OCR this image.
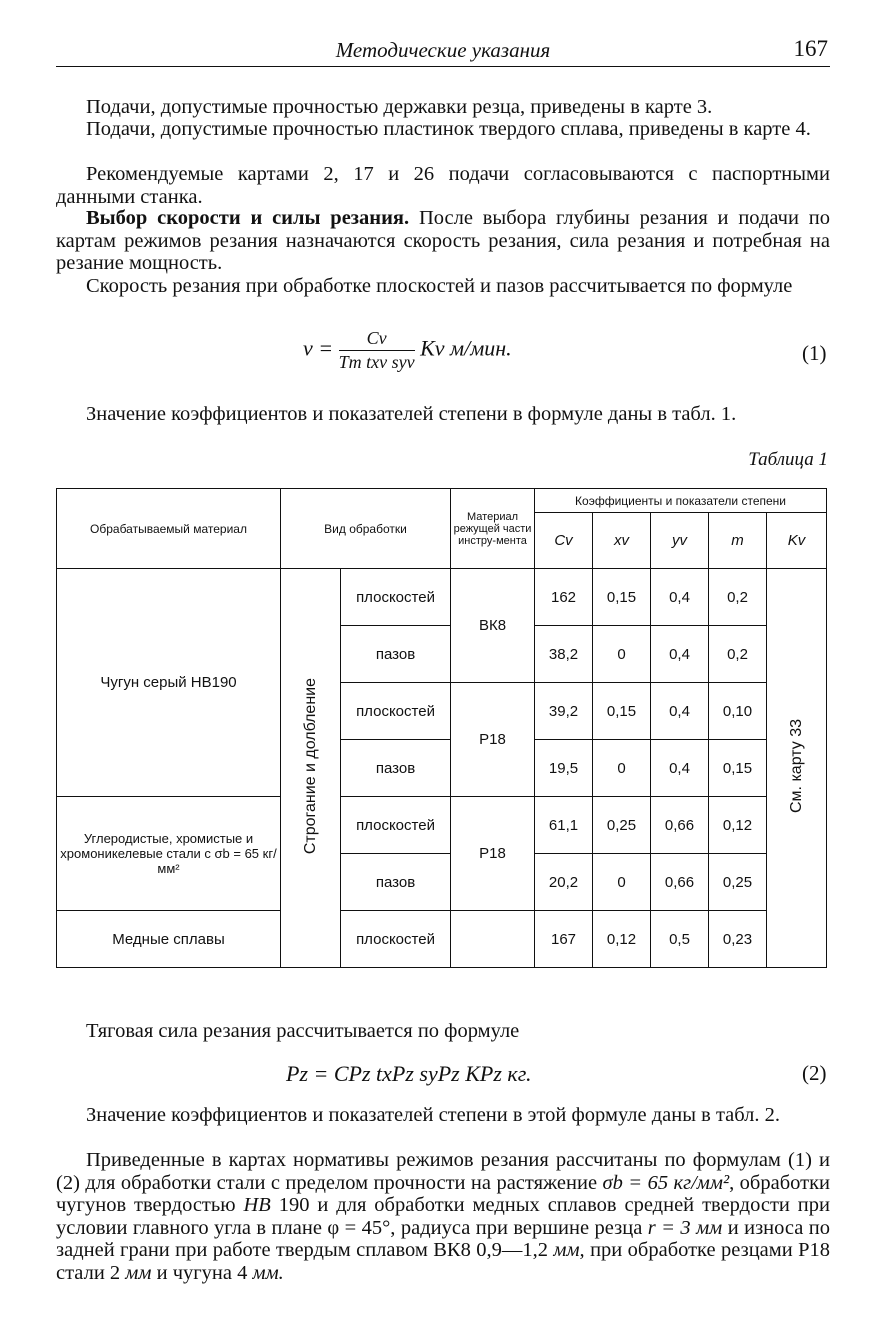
Методические указания	167

Подачи, допустимые прочностью державки резца, приведены в карте 3.

Подачи, допустимые прочностью пластинок твердого сплава, приведены в карте 4.

Рекомендуемые картами 2, 17 и 26 подачи согласовываются с паспортными данными станка.

Выбор скорости и силы резания. После выбора глубины резания и подачи по картам режимов резания назначаются скорость резания, сила резания и потребная на резание мощность.

Скорость резания при обработке плоскостей и пазов рассчитывается по формуле

$v = \frac{Cv}{\text{Tm txv syv}}$ Kv м/мин.	(1)

Значение коэффициентов и показателей степени в формуле даны в табл. 1.

Таблица 1
Обрабатываемый материал	Вид обработки		Материал режущей части инстру-мента	Коэффициенты и показатели степени				
				Cv	xv	yv	m	Kv
Чугун серый НВ190	Строгание и долбление	плоскостей	ВК8	162	0,15	0,4	0,2	См. карту 33
		пазов		38,2	0	0,4	0,2	
		плоскостей	Р18	39,2	0,15	0,4	0,10	
		пазов		19,5	0	0,4	0,15	
Углеродистые, хромистые и хромоникелевые стали с σb = 65 кг/мм²		плоскостей	Р18	61,1	0,25	0,66	0,12	
		пазов		20,2	0	0,66	0,25	
Медные сплавы		плоскостей		167	0,12	0,5	0,23	

Тяговая сила резания рассчитывается по формуле

Pz = CPz txPz syPz KPz кг.	(2)

Значение коэффициентов и показателей степени в этой формуле даны в табл. 2.

Приведенные в картах нормативы режимов резания рассчитаны по формулам (1) и (2) для обработки стали с пределом прочности на растяжение σb = 65 кг/мм², обработки чугунов твердостью НВ 190 и для обработки медных сплавов средней твердости при условии главного угла в плане φ = 45°, радиуса при вершине резца r = 3 мм и износа по задней грани при работе твердым сплавом ВК8 0,9—1,2 мм, при обработке резцами Р18 стали 2 мм и чугуна 4 мм.
